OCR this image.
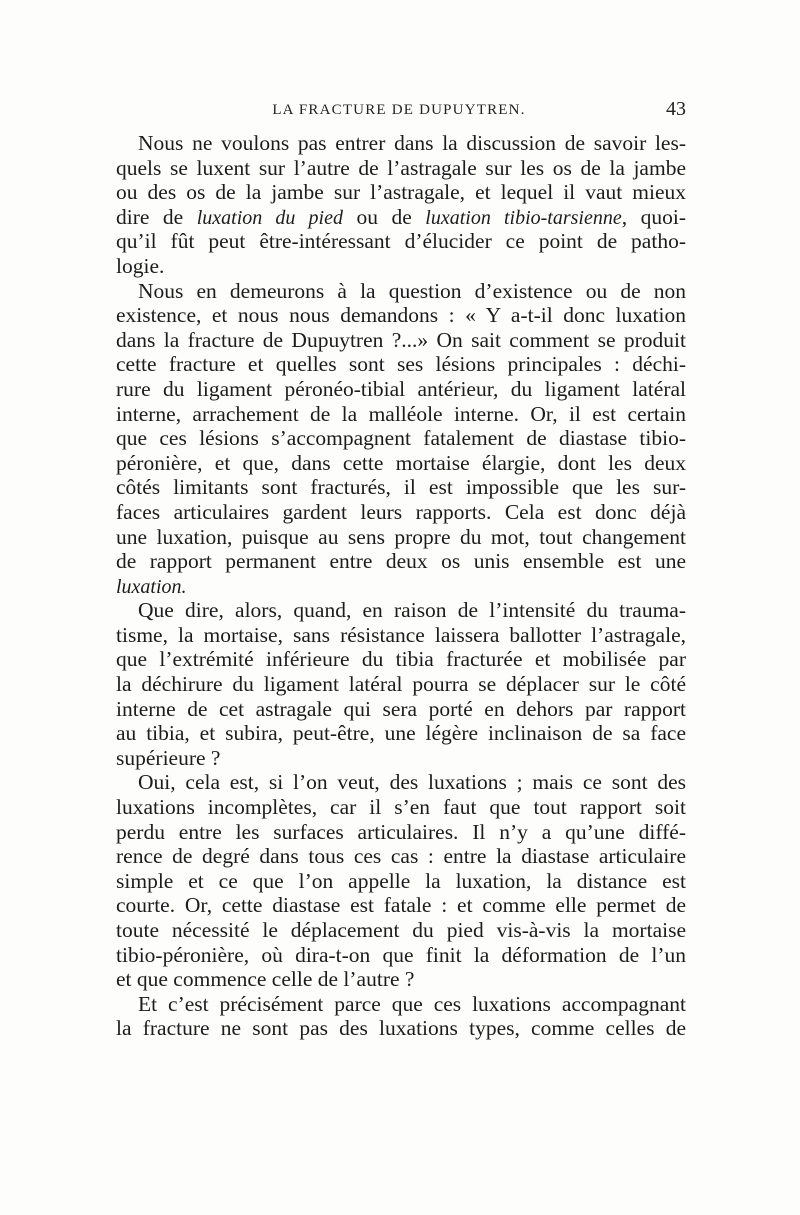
LA FRACTURE DE DUPUYTREN.	43
Nous ne voulons pas entrer dans la discussion de savoir les-
quels se luxent sur l’autre de l’astragale sur les os de la jambe
ou des os de la jambe sur l’astragale, et lequel il vaut mieux
dire de luxation du pied ou de luxation tibio-tarsienne, quoi-
qu’il fût peut être-intéressant d’élucider ce point de patho-
logie.
Nous en demeurons à la question d’existence ou de non
existence, et nous nous demandons : « Y a-t-il donc luxation
dans la fracture de Dupuytren ?...» On sait comment se produit
cette fracture et quelles sont ses lésions principales : déchi-
rure du ligament péronéo-tibial antérieur, du ligament latéral
interne, arrachement de la malléole interne. Or, il est certain
que ces lésions s’accompagnent fatalement de diastase tibio-
péronière, et que, dans cette mortaise élargie, dont les deux
côtés limitants sont fracturés, il est impossible que les sur-
faces articulaires gardent leurs rapports. Cela est donc déjà
une luxation, puisque au sens propre du mot, tout changement
de rapport permanent entre deux os unis ensemble est une
luxation.
Que dire, alors, quand, en raison de l’intensité du trauma-
tisme, la mortaise, sans résistance laissera ballotter l’astragale,
que l’extrémité inférieure du tibia fracturée et mobilisée par
la déchirure du ligament latéral pourra se déplacer sur le côté
interne de cet astragale qui sera porté en dehors par rapport
au tibia, et subira, peut-être, une légère inclinaison de sa face
supérieure ?
Oui, cela est, si l’on veut, des luxations ; mais ce sont des
luxations incomplètes, car il s’en faut que tout rapport soit
perdu entre les surfaces articulaires. Il n’y a qu’une diffé-
rence de degré dans tous ces cas : entre la diastase articulaire
simple et ce que l’on appelle la luxation, la distance est
courte. Or, cette diastase est fatale : et comme elle permet de
toute nécessité le déplacement du pied vis-à-vis la mortaise
tibio-péronière, où dira-t-on que finit la déformation de l’un
et que commence celle de l’autre ?
Et c’est précisément parce que ces luxations accompagnant
la fracture ne sont pas des luxations types, comme celles de
